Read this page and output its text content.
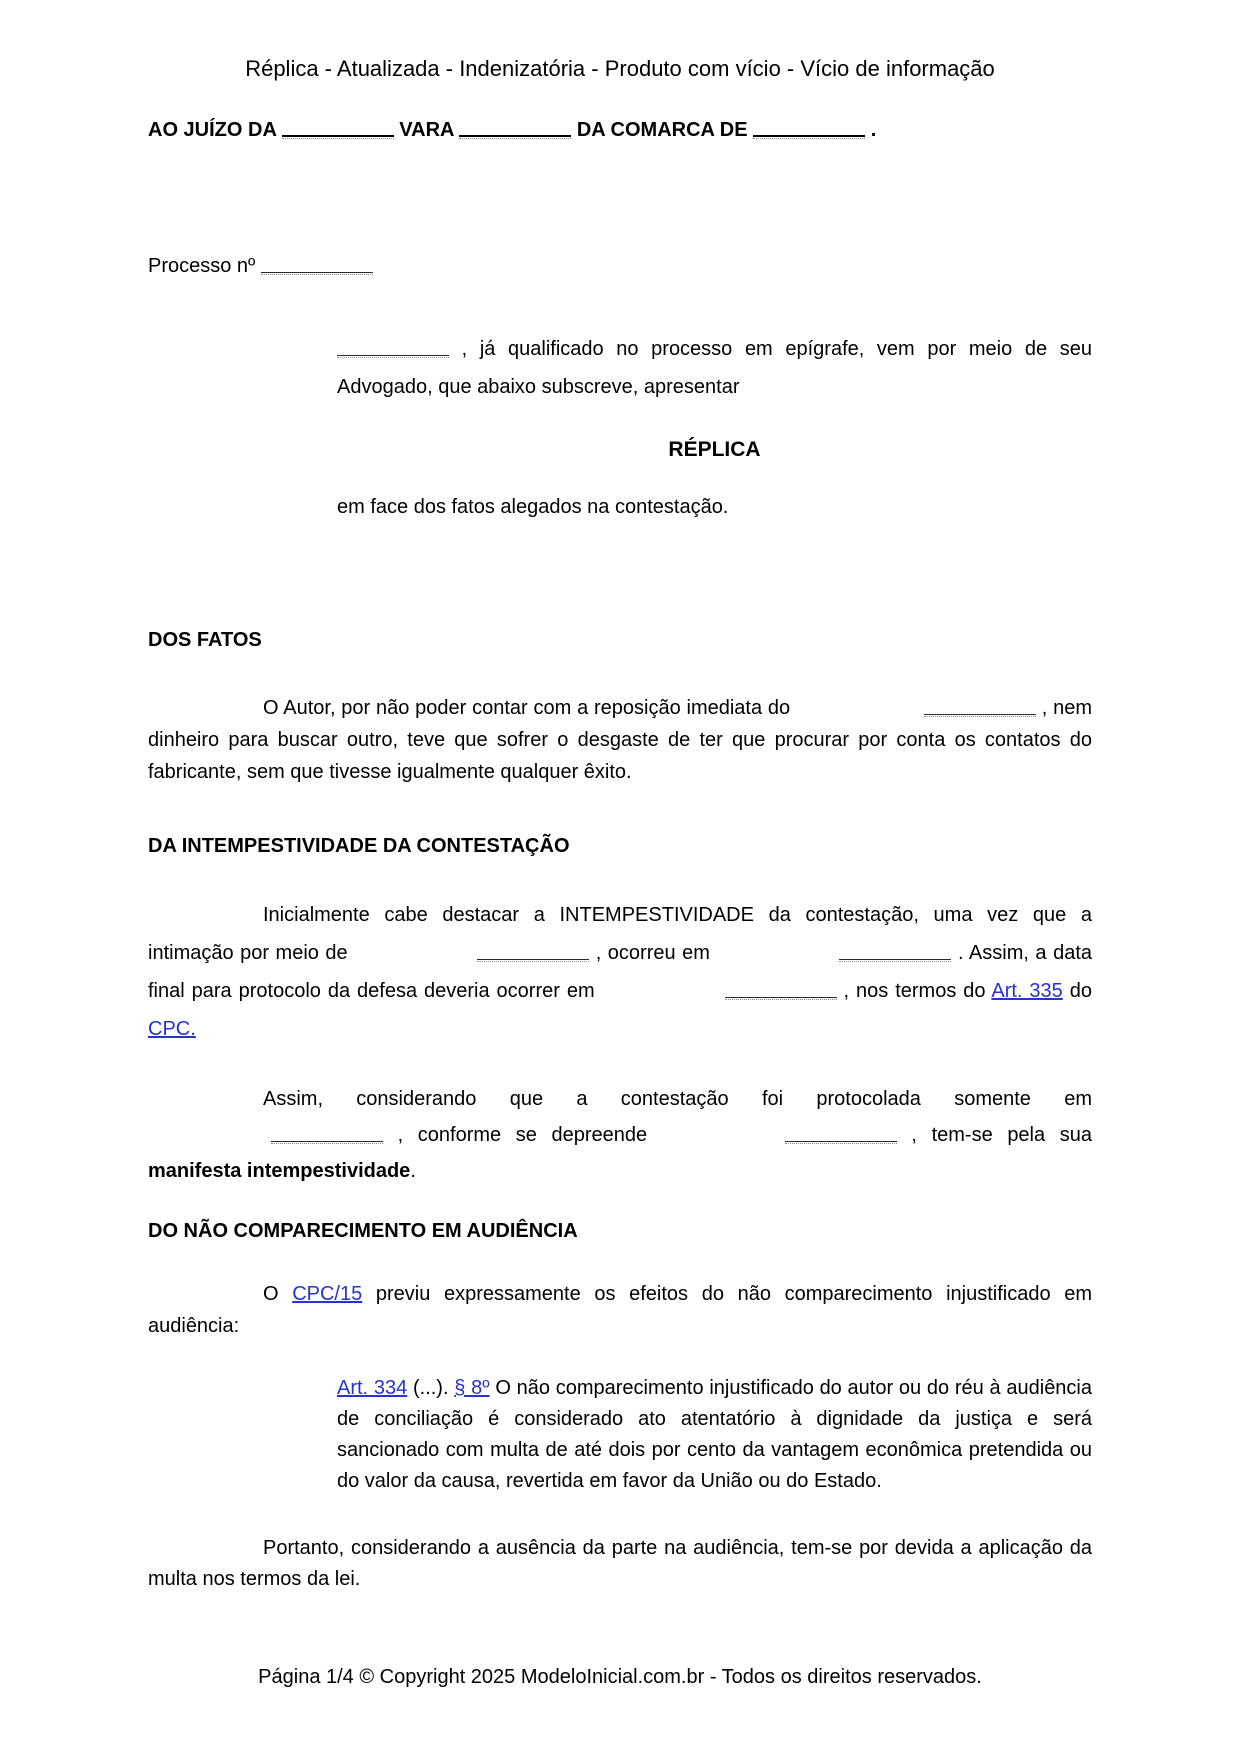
Réplica - Atualizada - Indenizatória - Produto com vício - Vício de informação
AO JUÍZO DA	VARA	DA COMARCA DE	.
Processo nº
, já qualificado no processo em epígrafe, vem por meio de seu Advogado, que abaixo subscreve, apresentar
RÉPLICA
em face dos fatos alegados na contestação.
DOS FATOS
O Autor, por não poder contar com a reposição imediata do	, nem dinheiro para buscar outro, teve que sofrer o desgaste de ter que procurar por conta os contatos do fabricante, sem que tivesse igualmente qualquer êxito.
DA INTEMPESTIVIDADE DA CONTESTAÇÃO
Inicialmente cabe destacar a INTEMPESTIVIDADE da contestação, uma vez que a intimação por meio de	, ocorreu em	. Assim, a data final para protocolo da defesa deveria ocorrer em	, nos termos do Art. 335 do CPC.
Assim, considerando que a contestação foi protocolada somente em  , conforme se depreende	, tem-se pela sua manifesta intempestividade.
DO NÃO COMPARECIMENTO EM AUDIÊNCIA
O CPC/15 previu expressamente os efeitos do não comparecimento injustificado em audiência:
Art. 334 (...). § 8º O não comparecimento injustificado do autor ou do réu à audiência de conciliação é considerado ato atentatório à dignidade da justiça e será sancionado com multa de até dois por cento da vantagem econômica pretendida ou do valor da causa, revertida em favor da União ou do Estado.
Portanto, considerando a ausência da parte na audiência, tem-se por devida a aplicação da multa nos termos da lei.
Página 1/4 © Copyright 2025 ModeloInicial.com.br - Todos os direitos reservados.
